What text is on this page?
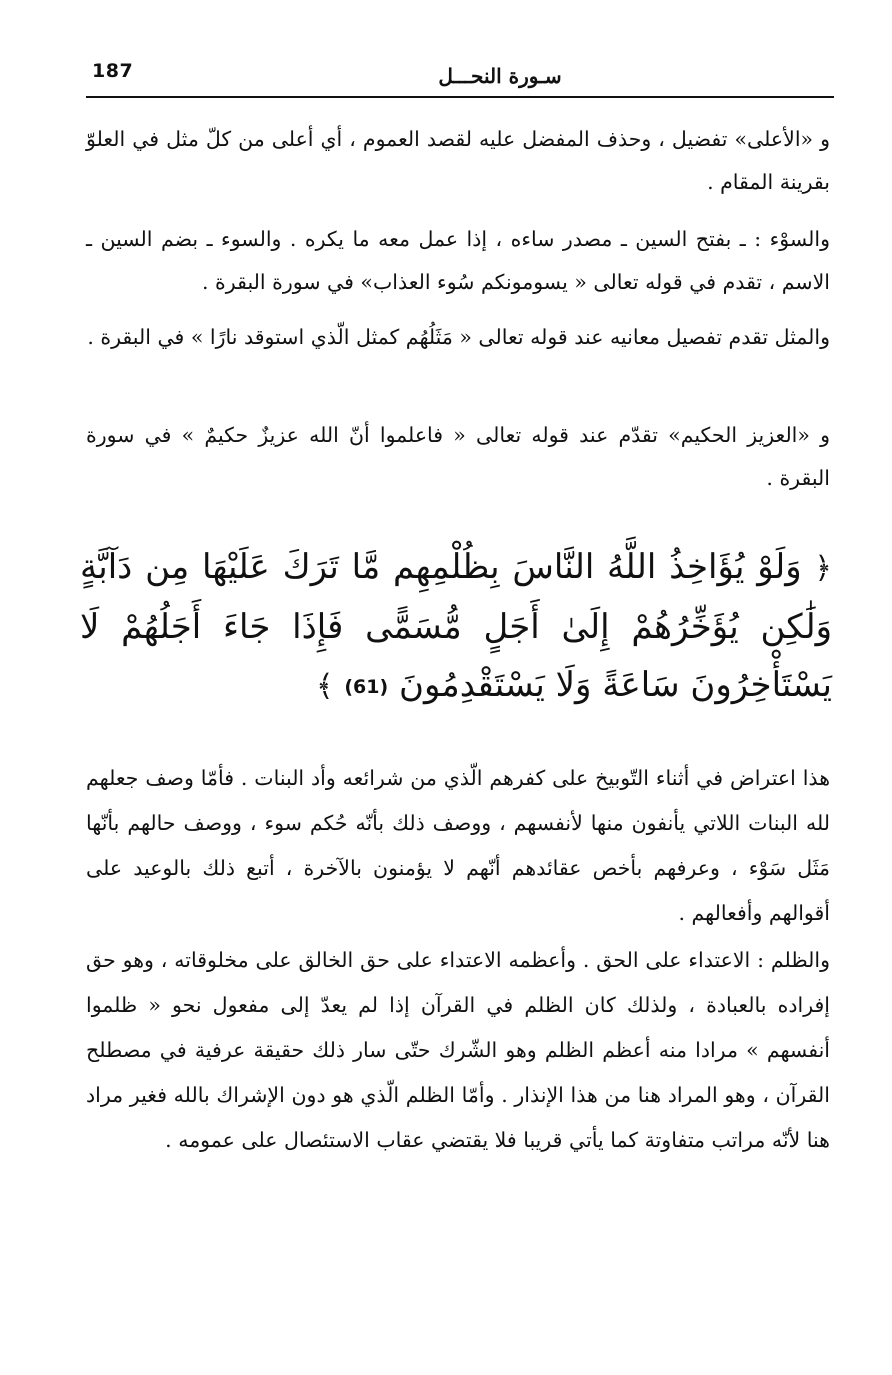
187	سـورة النحـــل

و «الأعلى» تفضيل ، وحذف المفضل عليه لقصد العموم ، أي أعلى من كلّ مثل في العلوّ بقرينة المقام .

والسوْء : ـ بفتح السين ـ مصدر ساءه ، إذا عمل معه ما يكره . والسوء ـ بضم السين ـ الاسم ، تقدم في قوله تعالى « يسومونكم سُوء العذاب» في سورة البقرة .

والمثل تقدم تفصيل معانيه عند قوله تعالى « مَثَلُهُم كمثل الّذي استوقد نارًا » في البقرة .

و «العزيز الحكيم» تقدّم عند قوله تعالى « فاعلموا أنّ الله عزيزٌ حكيمٌ » في سورة البقرة .

﴿ وَلَوْ يُؤَاخِذُ اللَّهُ النَّاسَ بِظُلْمِهِم مَّا تَرَكَ عَلَيْهَا مِن دَآبَّةٍ وَلَٰكِن يُؤَخِّرُهُمْ إِلَىٰ أَجَلٍ مُّسَمًّى فَإِذَا جَاءَ أَجَلُهُمْ لَا يَسْتَأْخِرُونَ سَاعَةً وَلَا يَسْتَقْدِمُونَ (61) ﴾

هذا اعتراض في أثناء التّوبيخ على كفرهم الّذي من شرائعه وأد البنات . فأمّا وصف جعلهم لله البنات اللاتي يأنفون منها لأنفسهم ، ووصف ذلك بأنّه حُكم سوء ، ووصف حالهم بأنّها مَثَل سَوْء ، وعرفهم بأخص عقائدهم أنّهم لا يؤمنون بالآخرة ، أتبع ذلك بالوعيد على أقوالهم وأفعالهم .

والظلم : الاعتداء على الحق . وأعظمه الاعتداء على حق الخالق على مخلوقاته ، وهو حق إفراده بالعبادة ، ولذلك كان الظلم في القرآن إذا لم يعدّ إلى مفعول نحو « ظلموا أنفسهم » مرادا منه أعظم الظلم وهو الشّرك حتّى سار ذلك حقيقة عرفية في مصطلح القرآن ، وهو المراد هنا من هذا الإنذار . وأمّا الظلم الّذي هو دون الإشراك بالله فغير مراد هنا لأنّه مراتب متفاوتة كما يأتي قريبا فلا يقتضي عقاب الاستئصال على عمومه .
